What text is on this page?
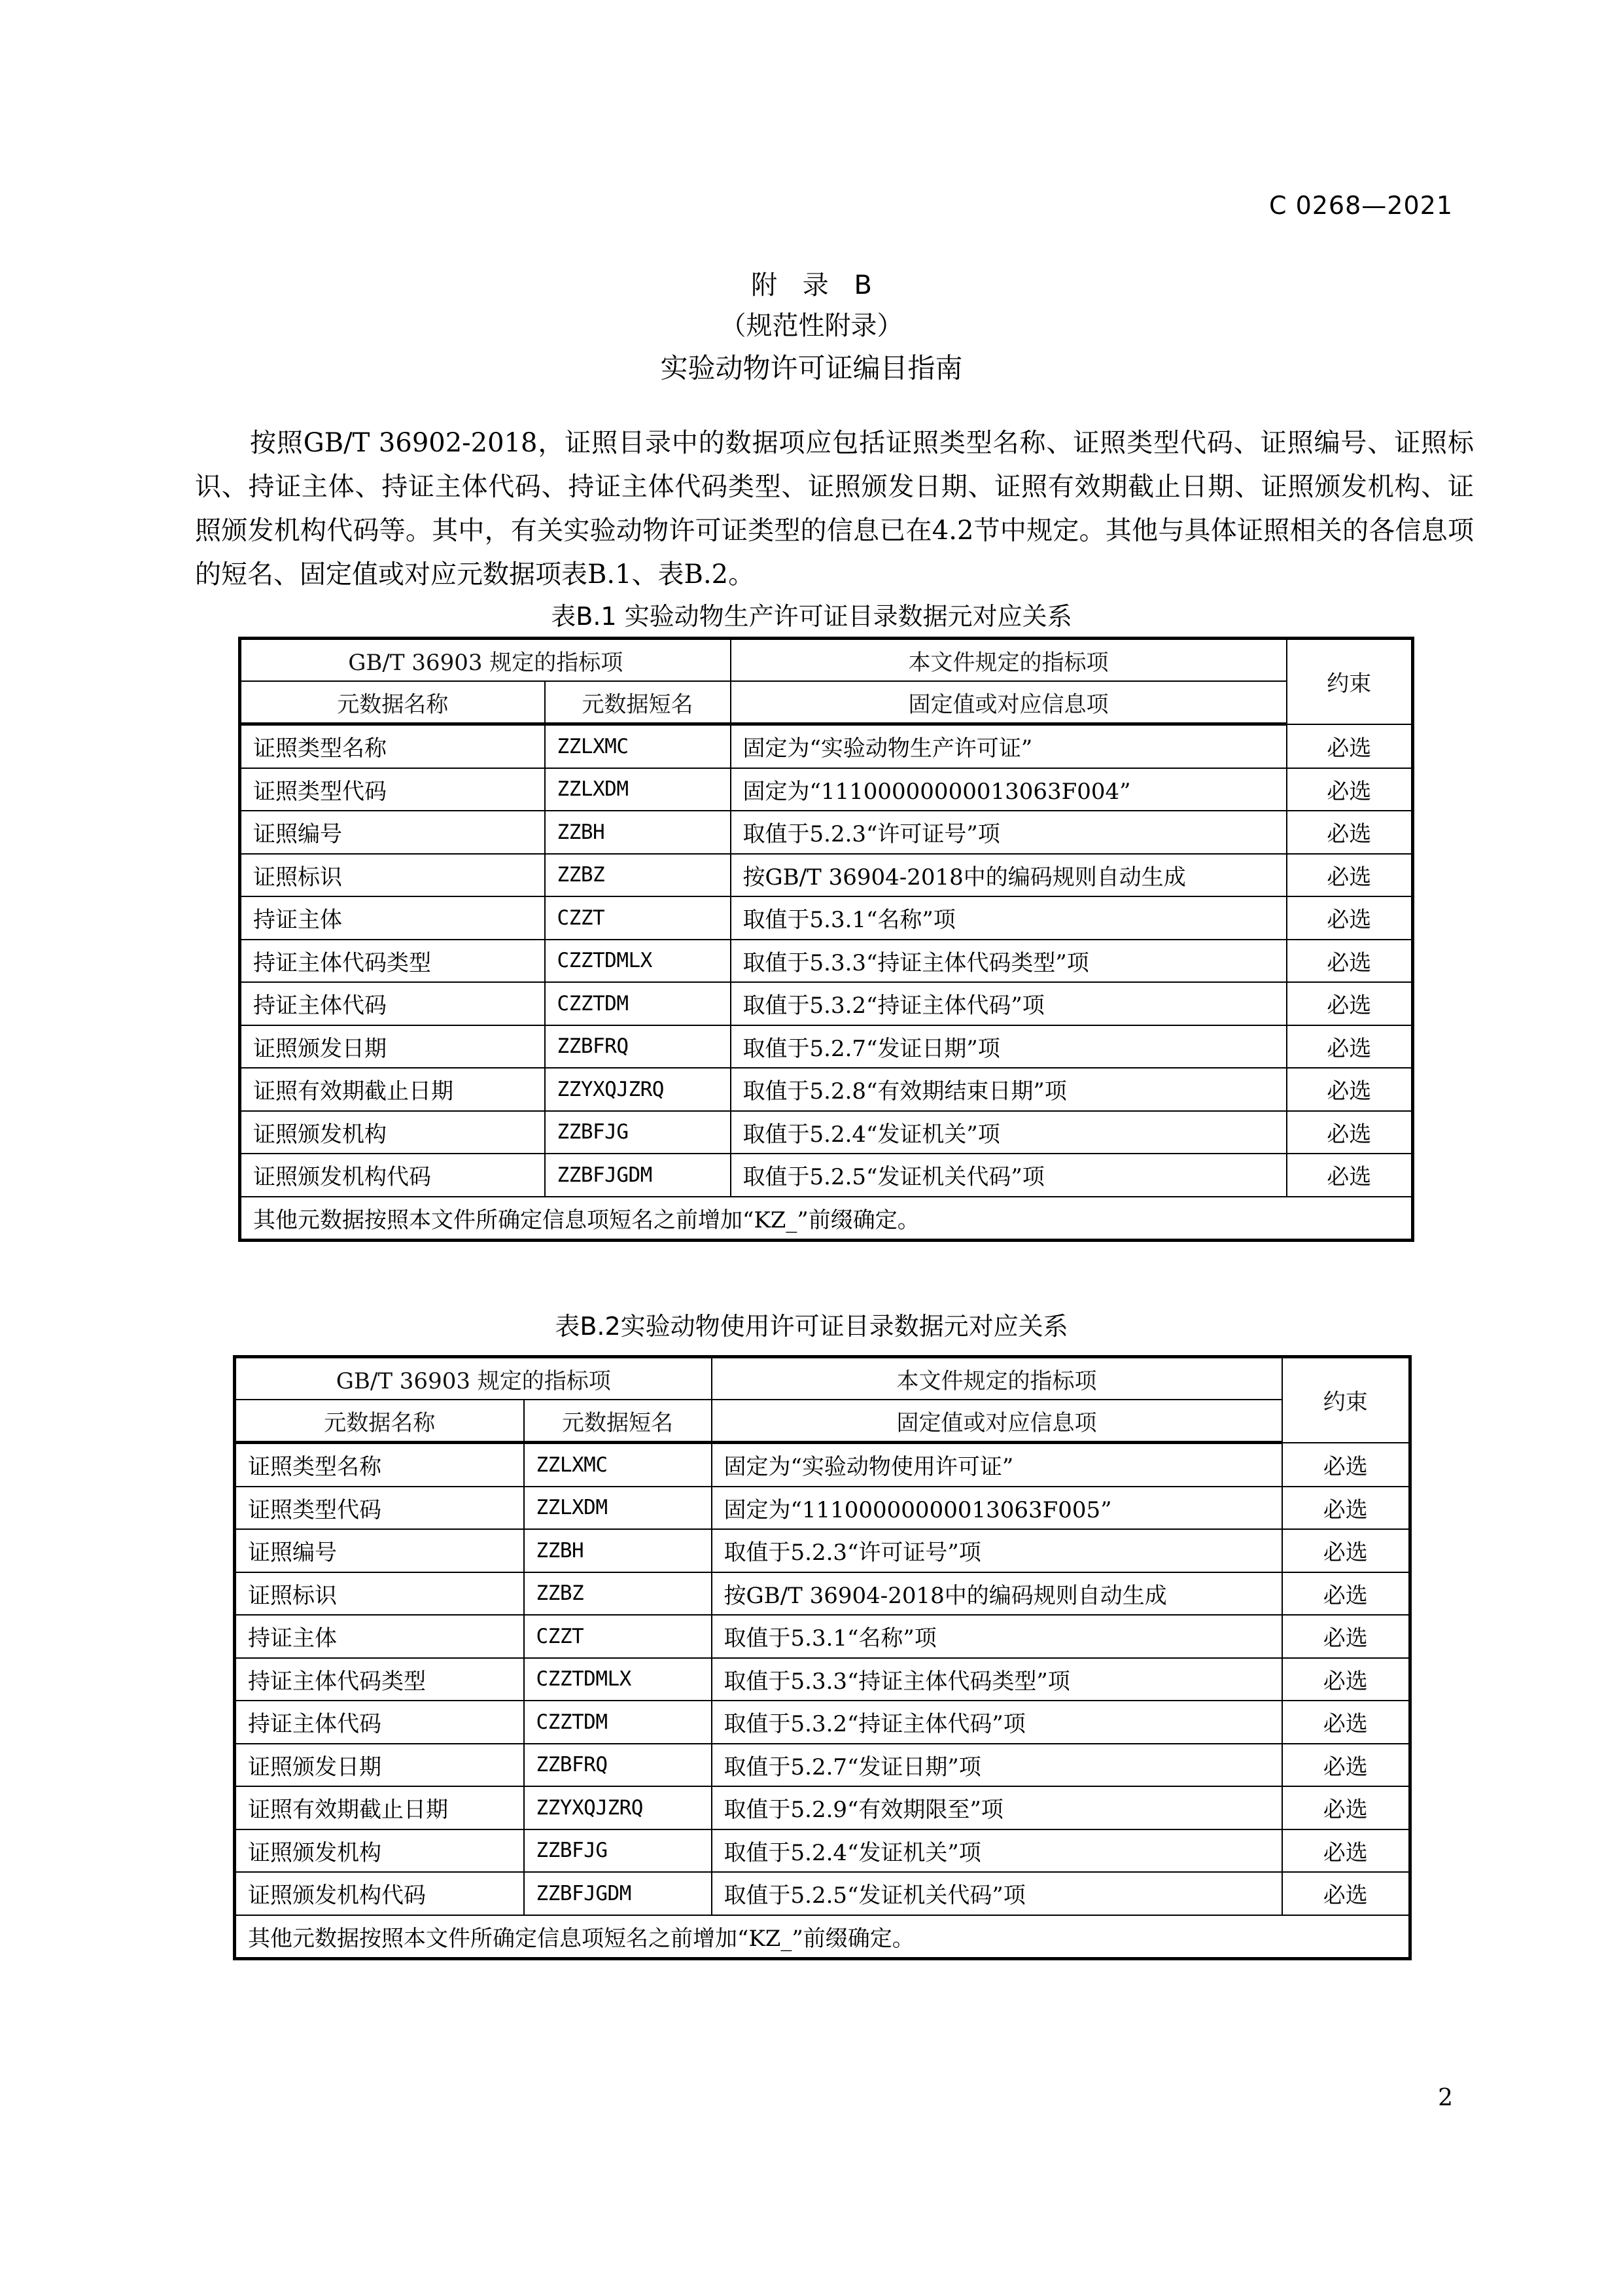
C 0268—2021
附 录 B
（规范性附录）
实验动物许可证编目指南

按照GB/T 36902-2018，证照目录中的数据项应包括证照类型名称、证照类型代码、证照编号、证照标识、持证主体、持证主体代码、持证主体代码类型、证照颁发日期、证照有效期截止日期、证照颁发机构、证照颁发机构代码等。其中，有关实验动物许可证类型的信息已在4.2节中规定。其他与具体证照相关的各信息项的短名、固定值或对应元数据项表B.1、表B.2。

表B.1 实验动物生产许可证目录数据元对应关系
GB/T 36903 规定的指标项		本文件规定的指标项	约束
元数据名称	元数据短名	固定值或对应信息项	
证照类型名称	ZZLXMC	固定为“实验动物生产许可证”	必选
证照类型代码	ZZLXDM	固定为“11100000000013063F004”	必选
证照编号	ZZBH	取值于5.2.3“许可证号”项	必选
证照标识	ZZBZ	按GB/T 36904-2018中的编码规则自动生成	必选
持证主体	CZZT	取值于5.3.1“名称”项	必选
持证主体代码类型	CZZTDMLX	取值于5.3.3“持证主体代码类型”项	必选
持证主体代码	CZZTDM	取值于5.3.2“持证主体代码”项	必选
证照颁发日期	ZZBFRQ	取值于5.2.7“发证日期”项	必选
证照有效期截止日期	ZZYXQJZRQ	取值于5.2.8“有效期结束日期”项	必选
证照颁发机构	ZZBFJG	取值于5.2.4“发证机关”项	必选
证照颁发机构代码	ZZBFJGDM	取值于5.2.5“发证机关代码”项	必选
其他元数据按照本文件所确定信息项短名之前增加“KZ_”前缀确定。			
表B.2实验动物使用许可证目录数据元对应关系
GB/T 36903 规定的指标项		本文件规定的指标项	约束
元数据名称	元数据短名	固定值或对应信息项	
证照类型名称	ZZLXMC	固定为“实验动物使用许可证”	必选
证照类型代码	ZZLXDM	固定为“11100000000013063F005”	必选
证照编号	ZZBH	取值于5.2.3“许可证号”项	必选
证照标识	ZZBZ	按GB/T 36904-2018中的编码规则自动生成	必选
持证主体	CZZT	取值于5.3.1“名称”项	必选
持证主体代码类型	CZZTDMLX	取值于5.3.3“持证主体代码类型”项	必选
持证主体代码	CZZTDM	取值于5.3.2“持证主体代码”项	必选
证照颁发日期	ZZBFRQ	取值于5.2.7“发证日期”项	必选
证照有效期截止日期	ZZYXQJZRQ	取值于5.2.9“有效期限至”项	必选
证照颁发机构	ZZBFJG	取值于5.2.4“发证机关”项	必选
证照颁发机构代码	ZZBFJGDM	取值于5.2.5“发证机关代码”项	必选
其他元数据按照本文件所确定信息项短名之前增加“KZ_”前缀确定。			
2
